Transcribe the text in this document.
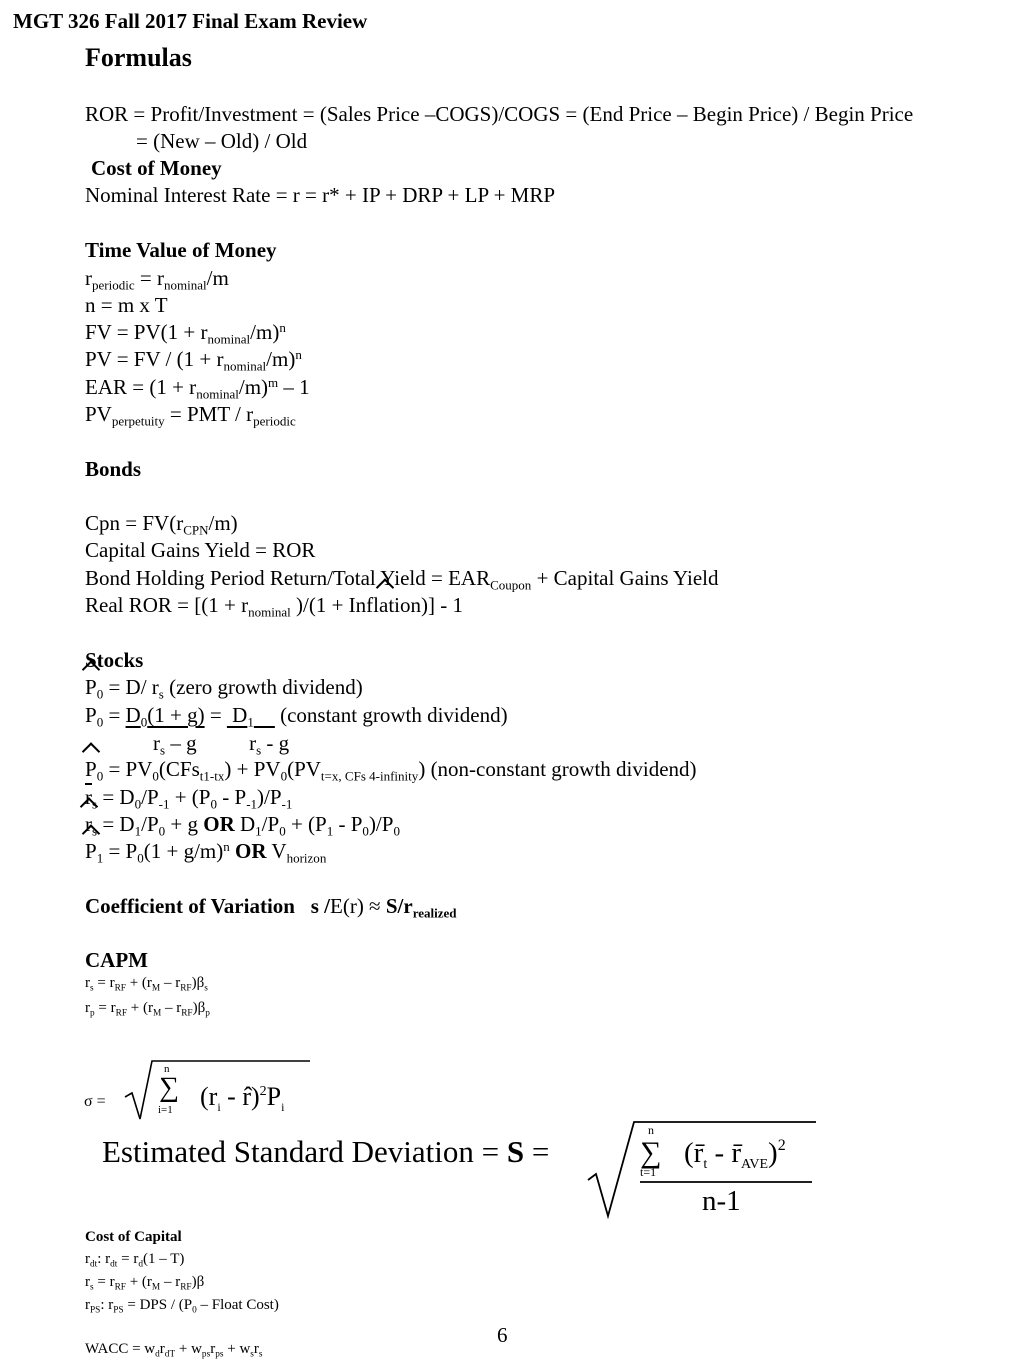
MGT 326 Fall 2017 Final Exam Review
Formulas
ROR = Profit/Investment = (Sales Price –COGS)/COGS = (End Price – Begin Price) / Begin Price
= (New – Old) / Old
Cost of Money
Nominal Interest Rate = r = r* + IP + DRP + LP + MRP
Time Value of Money
$r_{periodic} = r_{nominal}/m$
n = m x T
FV = $PV(1 + r_{nominal}/m)^n$
PV = FV / $(1 + r_{nominal}/m)^n$
EAR = $(1 + r_{nominal}/m)^m - 1$
$PV_{perpetuity}$ = PMT / $r_{periodic}$
Bonds
Cpn = $FV(r_{CPN}/m)$
Capital Gains Yield = ROR
Bond Holding Period Return/Total Yield = $EAR_{Coupon}$ + Capital Gains Yield
Real ROR = [($1 + r_{nominal}$ )/(1 + Inflation)] - 1
Stocks
$P_0 = D/$ $r_s$ (zero growth dividend)
$P_0 = D_0(1 + g) = D_1$ (constant growth dividend)
$r_s$ – g          $r_s$ - g
$P_0 = PV_0(CFs_{t1-tx}) + PV_0(PV_{t=x, CFs 4-infinity})$ (non-constant growth dividend)
$\overline{r}_s = D_0/P_{-1} + (P_0 - P_{-1})/P_{-1}$
$r_s = D_1/P_0 + g$ OR $D_1/P_0 + (P_1 - P_0)/P_0$
$P_1 = P_0(1 + g/m)^n$ OR $V_{horizon}$
Coefficient of Variation s $/E(r) \approx S/r_{realized}$
CAPM
$r_s = r_{RF} + (r_M - r_{RF})\beta_s$
$r_p = r_{RF} + (r_M - r_{RF})\beta_p$
σ =
n
∑
i=1 ($r_i$ - $r̂)^2P_i$
Estimated Standard Deviation = S =
n
∑
t=1
($r̄_t$ - $r̄_{AVE})^2$
n-1
Cost of Capital
$r_{dt}$: $r_{dt} = r_d(1 - T)$
$r_s = r_{RF} + (r_M - r_{RF})\beta$
$r_{PS}$: $r_{PS}$ = DPS / ($P_0$ – Float Cost)
WACC = $w_dr_{dT} + w_{ps}r_{ps} + w_sr_s$
6
